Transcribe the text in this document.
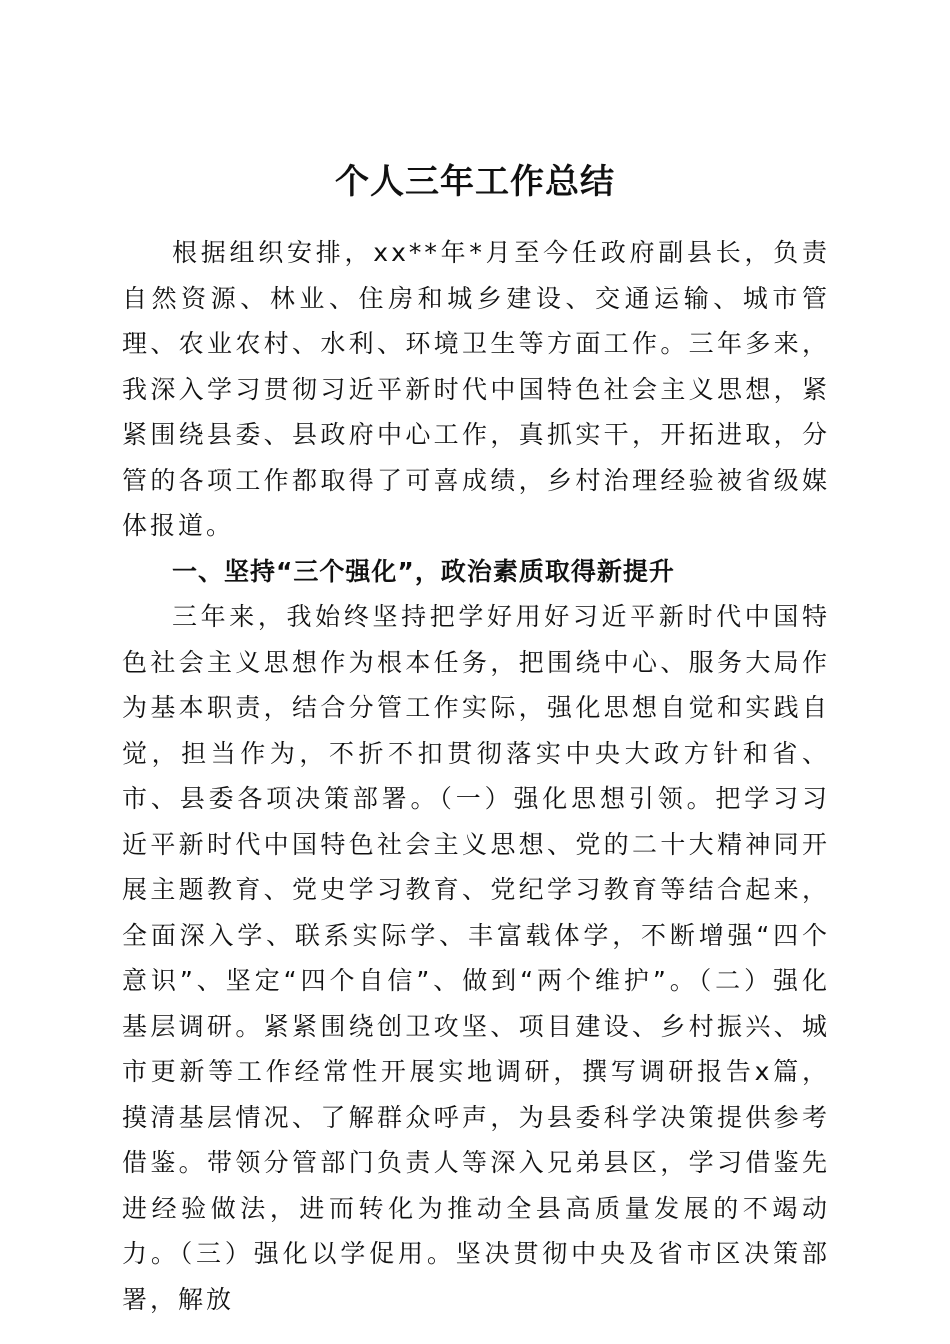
个人三年工作总结

根据组织安排，xx**年*月至今任政府副县长，负责自然资源、林业、住房和城乡建设、交通运输、城市管理、农业农村、水利、环境卫生等方面工作。三年多来，我深入学习贯彻习近平新时代中国特色社会主义思想，紧紧围绕县委、县政府中心工作，真抓实干，开拓进取，分管的各项工作都取得了可喜成绩，乡村治理经验被省级媒体报道。

一、坚持“三个强化”，政治素质取得新提升

三年来，我始终坚持把学好用好习近平新时代中国特色社会主义思想作为根本任务，把围绕中心、服务大局作为基本职责，结合分管工作实际，强化思想自觉和实践自觉，担当作为，不折不扣贯彻落实中央大政方针和省、市、县委各项决策部署。（一）强化思想引领。把学习习近平新时代中国特色社会主义思想、党的二十大精神同开展主题教育、党史学习教育、党纪学习教育等结合起来，全面深入学、联系实际学、丰富载体学，不断增强“四个意识”、坚定“四个自信”、做到“两个维护”。（二）强化基层调研。紧紧围绕创卫攻坚、项目建设、乡村振兴、城市更新等工作经常性开展实地调研，撰写调研报告x篇，摸清基层情况、了解群众呼声，为县委科学决策提供参考借鉴。带领分管部门负责人等深入兄弟县区，学习借鉴先进经验做法，进而转化为推动全县高质量发展的不竭动力。（三）强化以学促用。坚决贯彻中央及省市区决策部署，解放
